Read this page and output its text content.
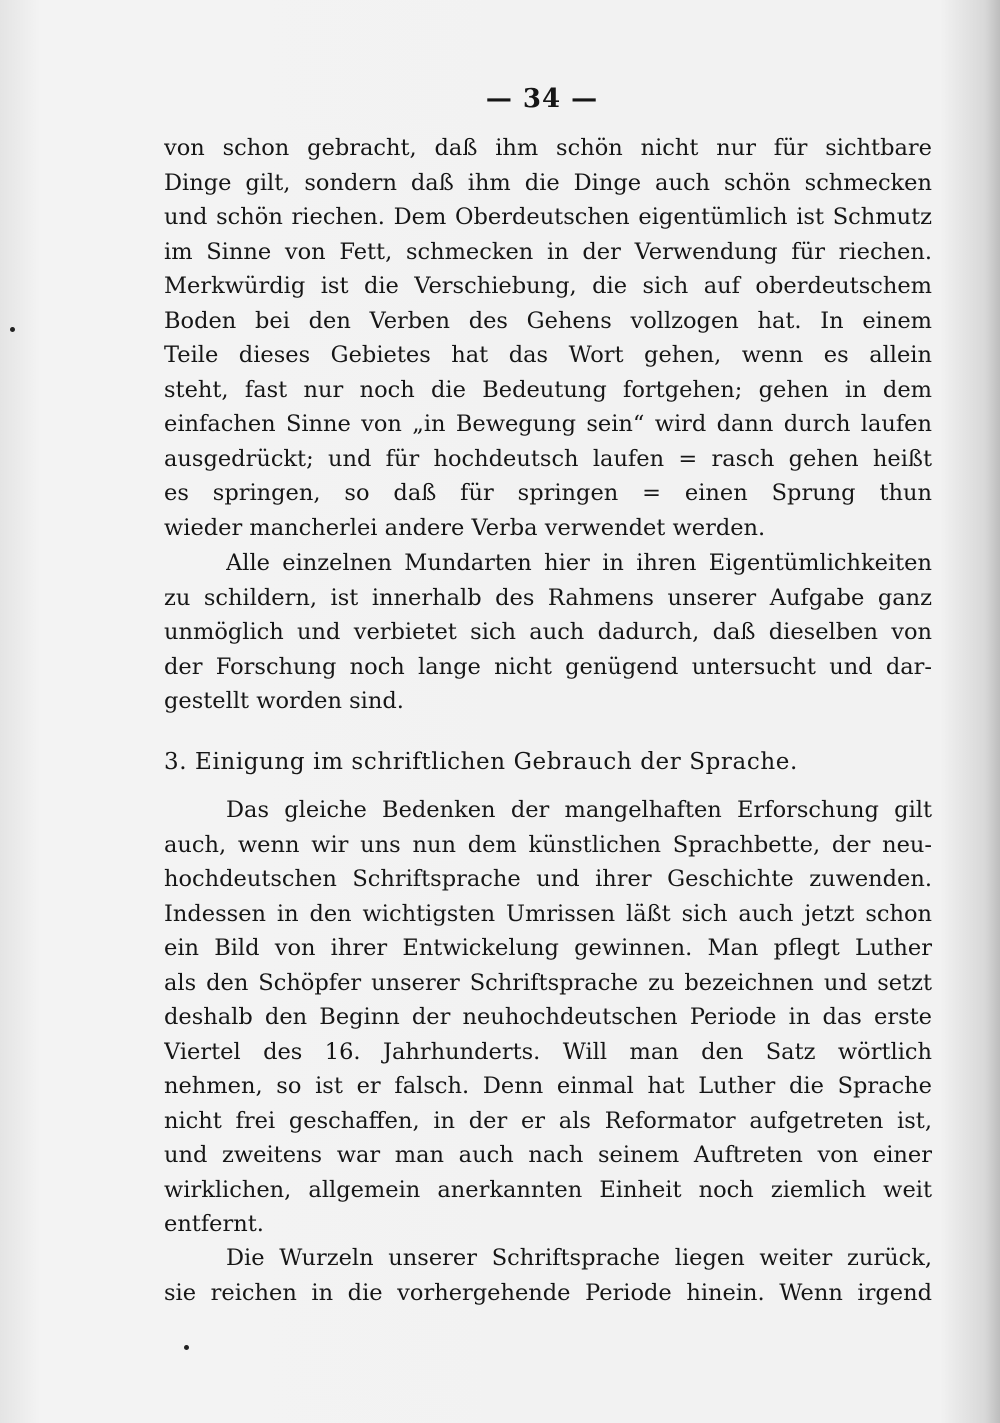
— 34 —
von schon gebracht, daß ihm schön nicht nur für sichtbare
Dinge gilt, sondern daß ihm die Dinge auch schön schmecken
und schön riechen. Dem Oberdeutschen eigentümlich ist Schmutz
im Sinne von Fett, schmecken in der Verwendung für riechen.
Merkwürdig ist die Verschiebung, die sich auf oberdeutschem
Boden bei den Verben des Gehens vollzogen hat. In einem
Teile dieses Gebietes hat das Wort gehen, wenn es allein
steht, fast nur noch die Bedeutung fortgehen; gehen in dem
einfachen Sinne von „in Bewegung sein“ wird dann durch laufen
ausgedrückt; und für hochdeutsch laufen = rasch gehen heißt
es springen, so daß für springen = einen Sprung thun
wieder mancherlei andere Verba verwendet werden.
Alle einzelnen Mundarten hier in ihren Eigentümlichkeiten
zu schildern, ist innerhalb des Rahmens unserer Aufgabe ganz
unmöglich und verbietet sich auch dadurch, daß dieselben von
der Forschung noch lange nicht genügend untersucht und dar-
gestellt worden sind.
3. Einigung im schriftlichen Gebrauch der Sprache.
Das gleiche Bedenken der mangelhaften Erforschung gilt
auch, wenn wir uns nun dem künstlichen Sprachbette, der neu-
hochdeutschen Schriftsprache und ihrer Geschichte zuwenden.
Indessen in den wichtigsten Umrissen läßt sich auch jetzt schon
ein Bild von ihrer Entwickelung gewinnen. Man pflegt Luther
als den Schöpfer unserer Schriftsprache zu bezeichnen und setzt
deshalb den Beginn der neuhochdeutschen Periode in das erste
Viertel des 16. Jahrhunderts. Will man den Satz wörtlich
nehmen, so ist er falsch. Denn einmal hat Luther die Sprache
nicht frei geschaffen, in der er als Reformator aufgetreten ist,
und zweitens war man auch nach seinem Auftreten von einer
wirklichen, allgemein anerkannten Einheit noch ziemlich weit
entfernt.
Die Wurzeln unserer Schriftsprache liegen weiter zurück,
sie reichen in die vorhergehende Periode hinein. Wenn irgend
